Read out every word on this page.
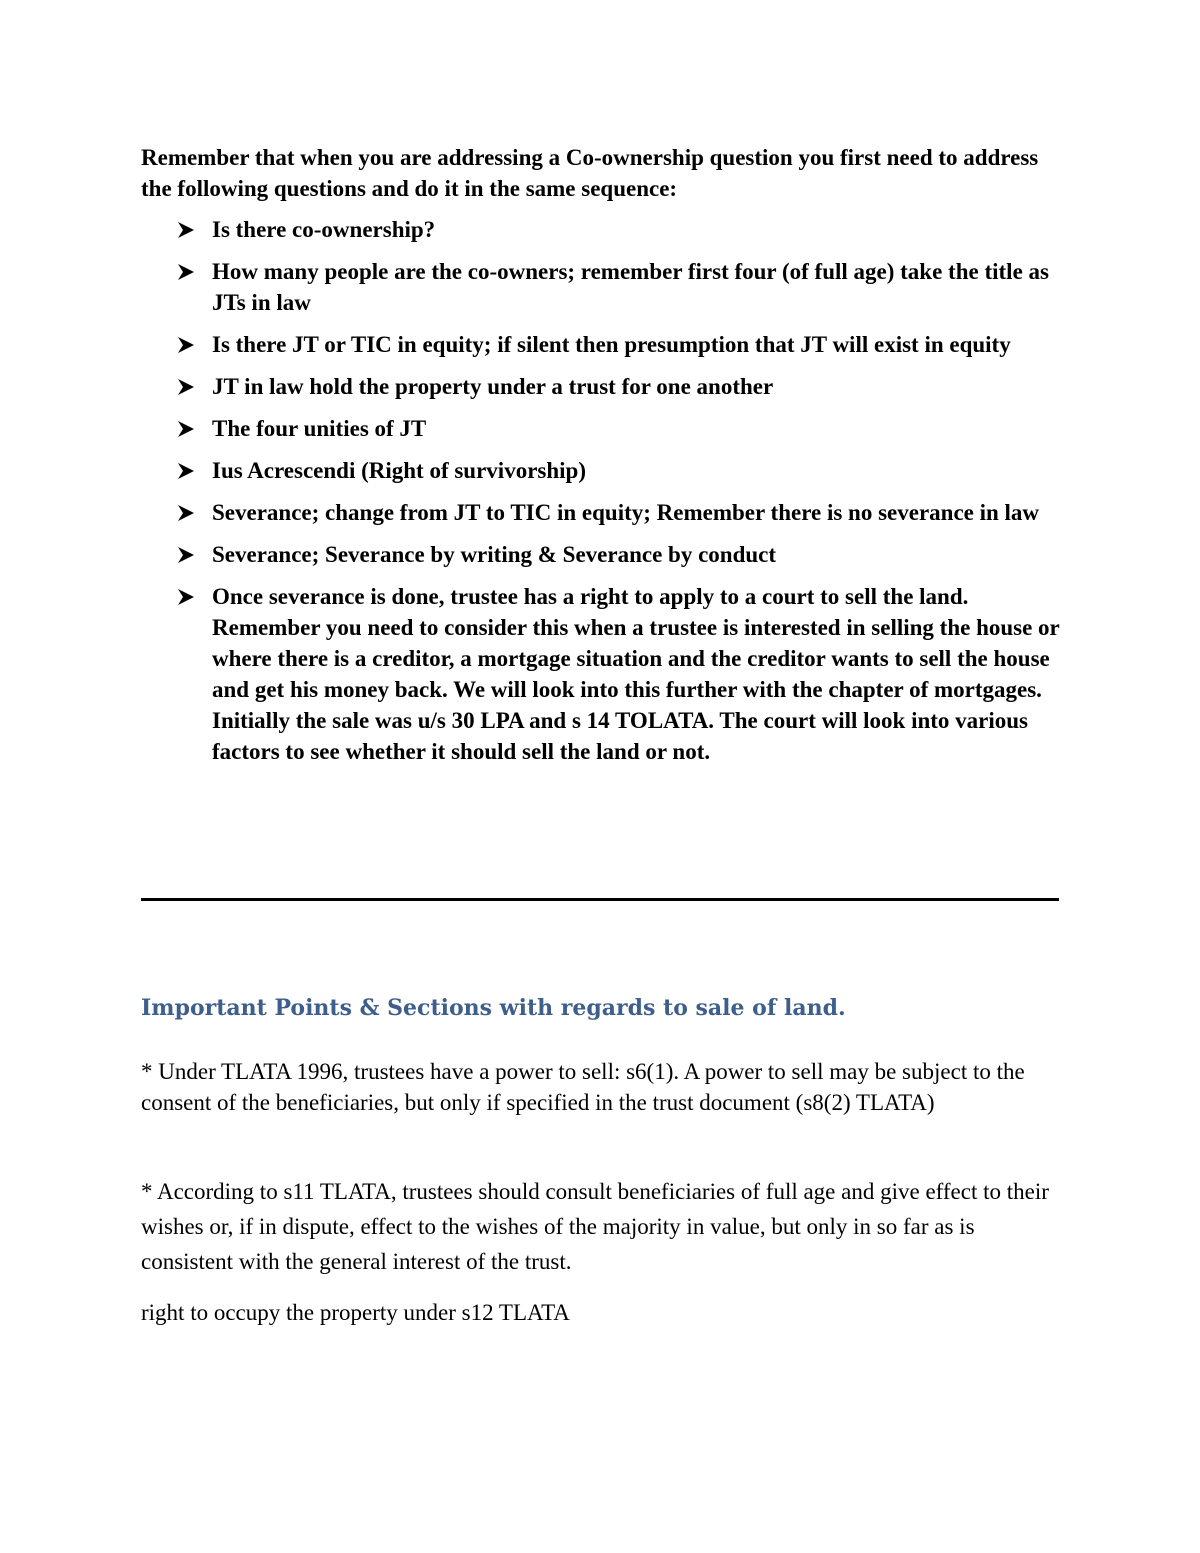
Remember that when you are addressing a Co-ownership question you first need to address the following questions and do it in the same sequence:
Is there co-ownership?
How many people are the co-owners; remember first four (of full age) take the title as JTs in law
Is there JT or TIC in equity; if silent then presumption that JT will exist in equity
JT in law hold the property under a trust for one another
The four unities of JT
Ius Acrescendi (Right of survivorship)
Severance; change from JT to TIC in equity; Remember there is no severance in law
Severance; Severance by writing & Severance by conduct
Once severance is done, trustee has a right to apply to a court to sell the land. Remember you need to consider this when a trustee is interested in selling the house or where there is a creditor, a mortgage situation and the creditor wants to sell the house and get his money back. We will look into this further with the chapter of mortgages. Initially the sale was u/s 30 LPA and s 14 TOLATA. The court will look into various factors to see whether it should sell the land or not.
Important Points & Sections with regards to sale of land.
* Under TLATA 1996, trustees have a power to sell: s6(1). A power to sell may be subject to the consent of the beneficiaries, but only if specified in the trust document (s8(2) TLATA)
* According to s11 TLATA, trustees should consult beneficiaries of full age and give effect to their wishes or, if in dispute, effect to the wishes of the majority in value, but only in so far as is consistent with the general interest of the trust.
right to occupy the property under s12 TLATA
